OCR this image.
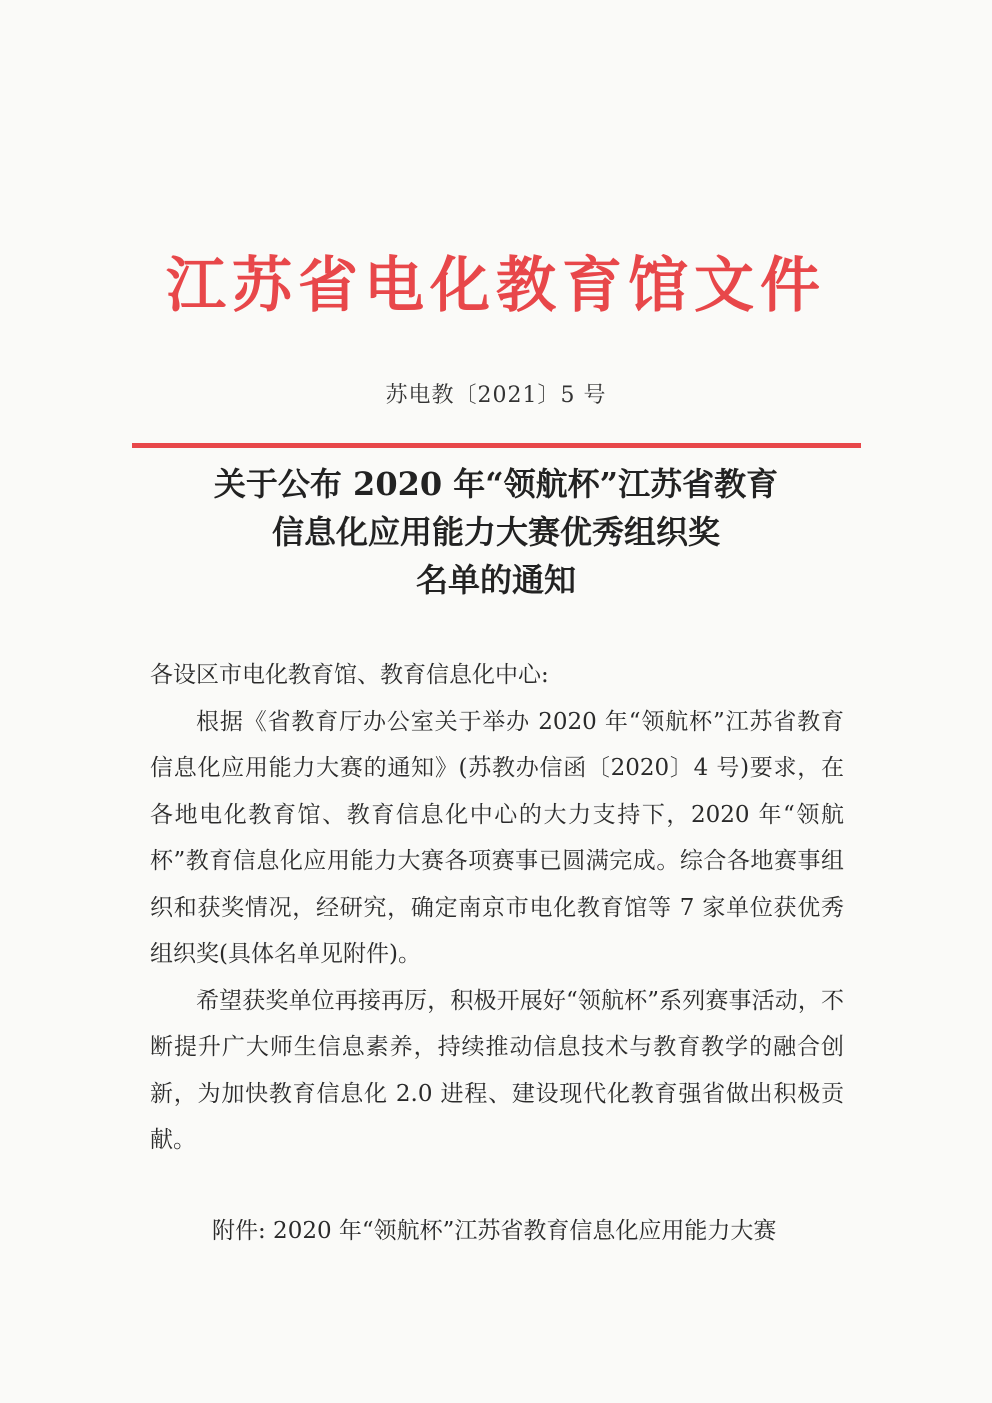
江苏省电化教育馆文件
苏电教〔2021〕5 号
关于公布 2020 年“领航杯”江苏省教育
信息化应用能力大赛优秀组织奖
名单的通知

各设区市电化教育馆、教育信息化中心:

根据《省教育厅办公室关于举办 2020 年“领航杯”江苏省教育信息化应用能力大赛的通知》(苏教办信函〔2020〕4 号)要求，在各地电化教育馆、教育信息化中心的大力支持下，2020 年“领航杯”教育信息化应用能力大赛各项赛事已圆满完成。综合各地赛事组织和获奖情况，经研究，确定南京市电化教育馆等 7 家单位获优秀组织奖(具体名单见附件)。

希望获奖单位再接再厉，积极开展好“领航杯”系列赛事活动，不断提升广大师生信息素养，持续推动信息技术与教育教学的融合创新，为加快教育信息化 2.0 进程、建设现代化教育强省做出积极贡献。

附件: 2020 年“领航杯”江苏省教育信息化应用能力大赛
